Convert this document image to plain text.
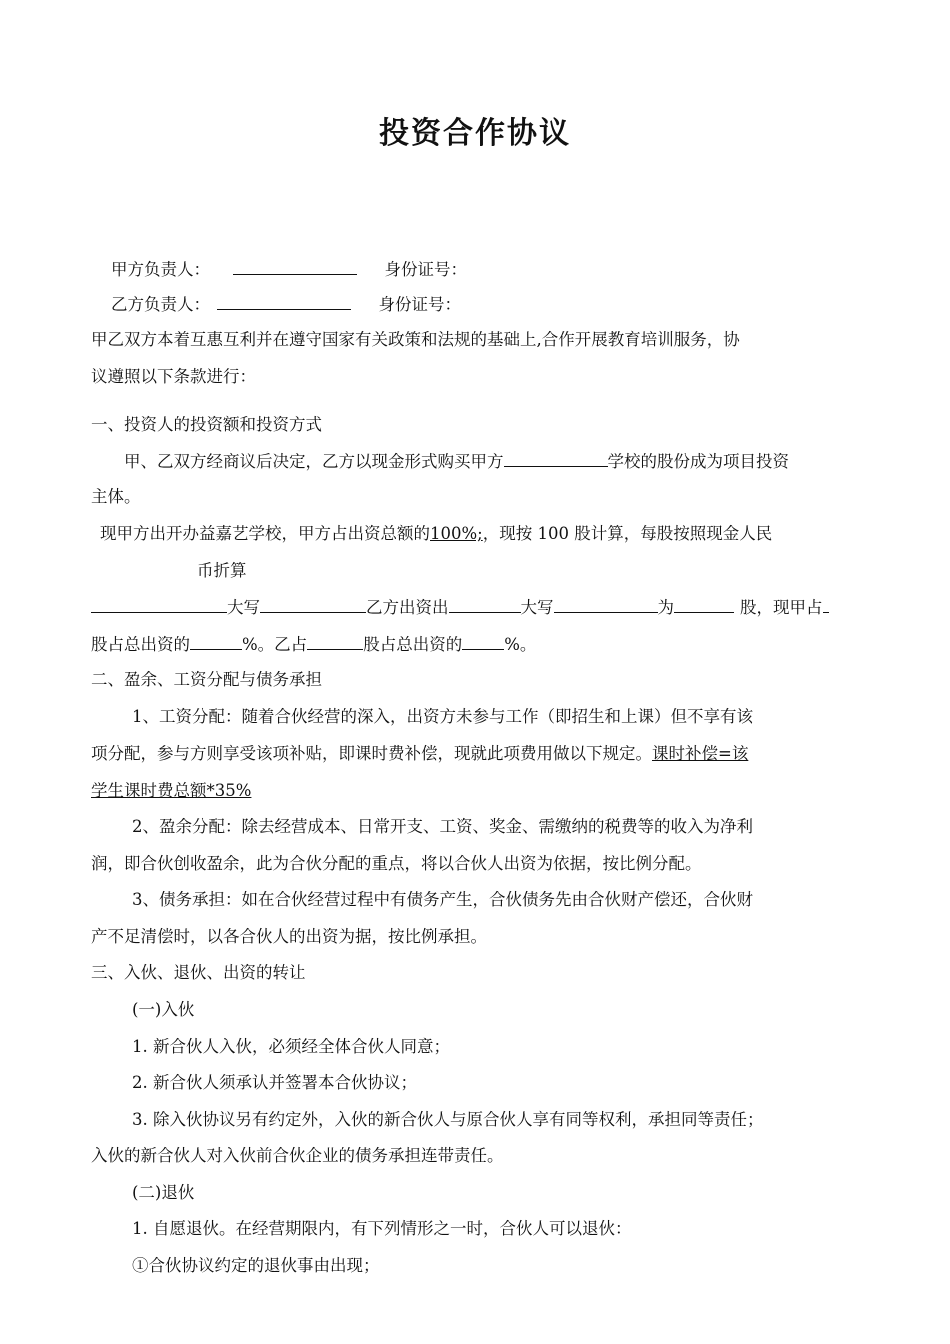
投资合作协议
甲方负责人：	身份证号：
乙方负责人：	身份证号：
甲乙双方本着互惠互利并在遵守国家有关政策和法规的基础上,合作开展教育培训服务，协
议遵照以下条款进行：
一、投资人的投资额和投资方式
甲、乙双方经商议后决定，乙方以现金形式购买甲方	学校的股份成为项目投资
主体。
现甲方出开办益嘉艺学校，甲方占出资总额的100%;，现按 100 股计算，每股按照现金人民
币折算
大写	乙方出资出	大写	为	股，现甲占
股占总出资的	%。乙占	股占总出资的	%。
二、盈余、工资分配与债务承担
1、工资分配：随着合伙经营的深入，出资方未参与工作（即招生和上课）但不享有该
项分配，参与方则享受该项补贴，即课时费补偿，现就此项费用做以下规定。课时补偿=该
学生课时费总额*35%
2、盈余分配：除去经营成本、日常开支、工资、奖金、需缴纳的税费等的收入为净利
润，即合伙创收盈余，此为合伙分配的重点，将以合伙人出资为依据，按比例分配。
3、债务承担：如在合伙经营过程中有债务产生，合伙债务先由合伙财产偿还，合伙财
产不足清偿时，以各合伙人的出资为据，按比例承担。
三、入伙、退伙、出资的转让
(一)入伙
1. 新合伙人入伙，必须经全体合伙人同意；
2. 新合伙人须承认并签署本合伙协议；
3. 除入伙协议另有约定外，入伙的新合伙人与原合伙人享有同等权利，承担同等责任；
入伙的新合伙人对入伙前合伙企业的债务承担连带责任。
(二)退伙
1. 自愿退伙。在经营期限内，有下列情形之一时，合伙人可以退伙：
①合伙协议约定的退伙事由出现；
